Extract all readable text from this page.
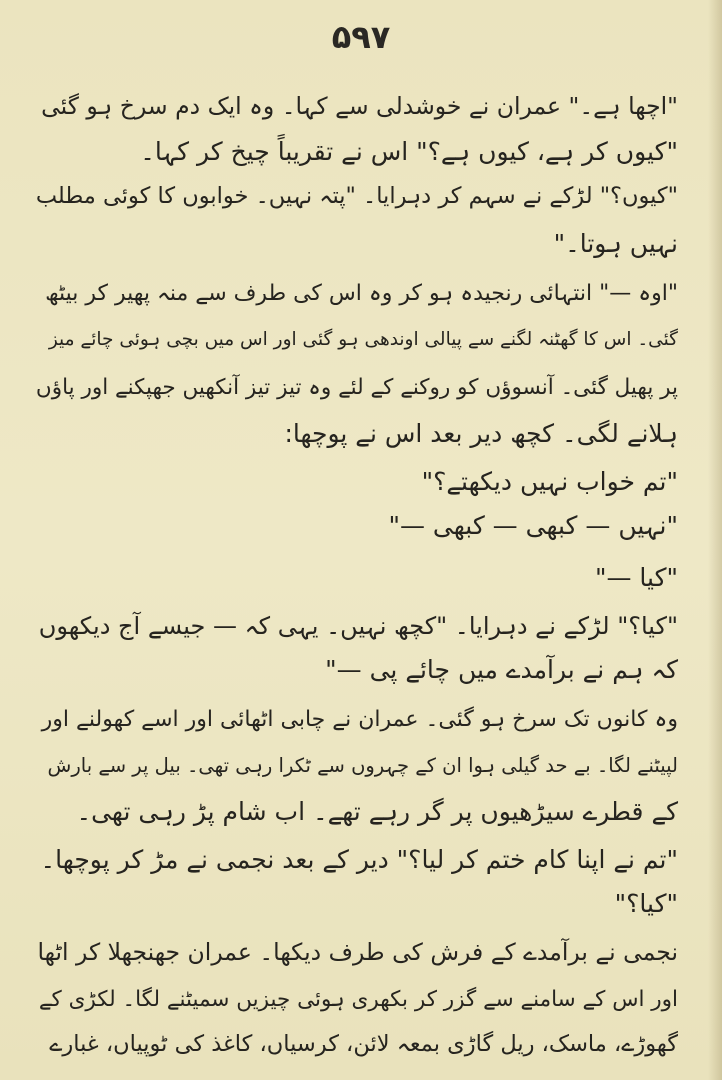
۵۹۷
"اچھا ہے۔" عمران نے خوشدلی سے کہا۔ وہ ایک دم سرخ ہو گئی
"کیوں کر ہے، کیوں ہے؟" اس نے تقریباً چیخ کر کہا۔
"کیوں؟" لڑکے نے سہم کر دہرایا۔ "پتہ نہیں۔ خوابوں کا کوئی مطلب
نہیں ہوتا۔"
"اوہ —" انتہائی رنجیدہ ہو کر وہ اس کی طرف سے منہ پھیر کر بیٹھ
گئی۔ اس کا گھٹنہ لگنے سے پیالی اوندھی ہو گئی اور اس میں بچی ہوئی چائے میز
پر پھیل گئی۔ آنسوؤں کو روکنے کے لئے وہ تیز تیز آنکھیں جھپکنے اور پاؤں
ہلانے لگی۔ کچھ دیر بعد اس نے پوچھا:
"تم خواب نہیں دیکھتے؟"
"نہیں — کبھی — کبھی —"
"کیا —"
"کیا؟" لڑکے نے دہرایا۔ "کچھ نہیں۔ یہی کہ — جیسے آج دیکھوں
کہ ہم نے برآمدے میں چائے پی —"
وہ کانوں تک سرخ ہو گئی۔ عمران نے چابی اٹھائی اور اسے کھولنے اور
لپیٹنے لگا۔ بے حد گیلی ہوا ان کے چہروں سے ٹکرا رہی تھی۔ بیل پر سے بارش
کے قطرے سیڑھیوں پر گر رہے تھے۔ اب شام پڑ رہی تھی۔
"تم نے اپنا کام ختم کر لیا؟" دیر کے بعد نجمی نے مڑ کر پوچھا۔
"کیا؟"
نجمی نے برآمدے کے فرش کی طرف دیکھا۔ عمران جھنجھلا کر اٹھا
اور اس کے سامنے سے گزر کر بکھری ہوئی چیزیں سمیٹنے لگا۔ لکڑی کے
گھوڑے، ماسک، ریل گاڑی بمعہ لائن، کرسیاں، کاغذ کی ٹوپیاں، غبارے
